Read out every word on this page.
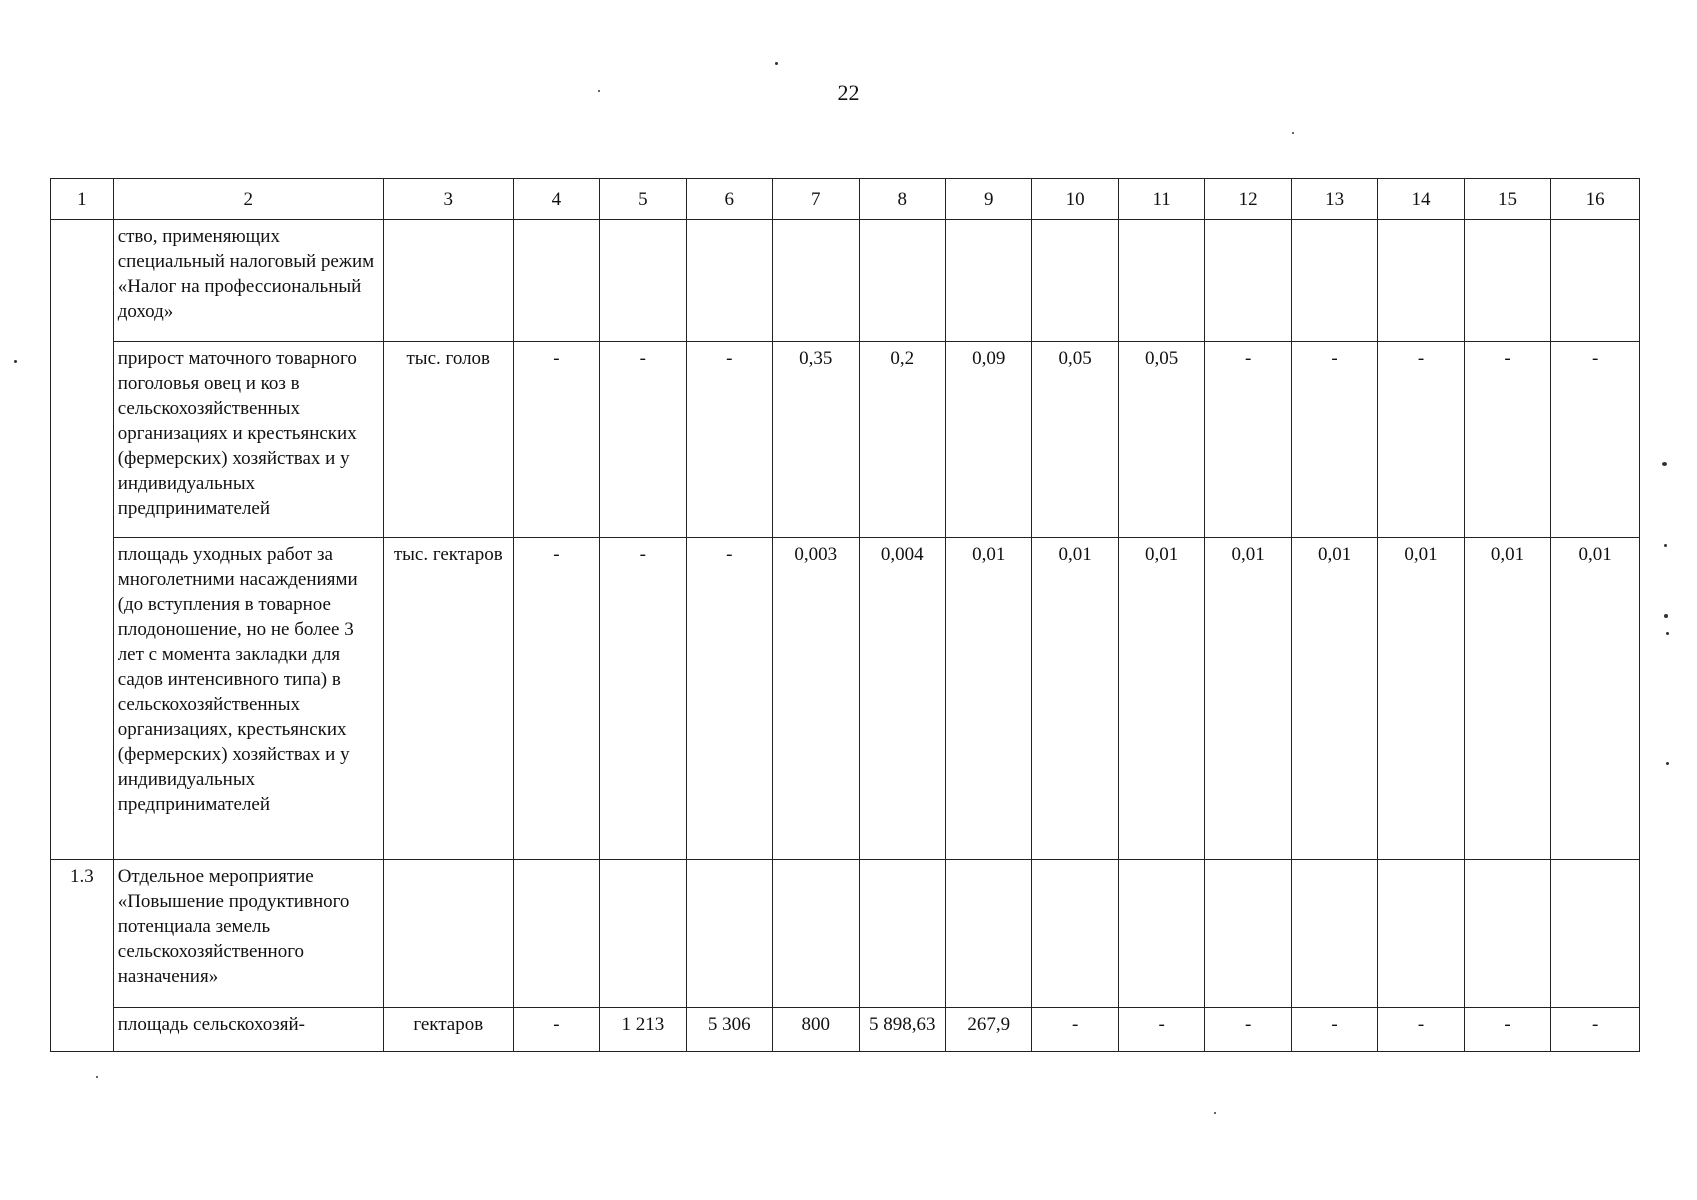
22
1	2	3	4	5	6	7	8	9	10	11	12	13	14	15	16
	ство, применяющих специальный налоговый режим «Налог на профессиональный доход»														
	прирост маточного товарного поголовья овец и коз в сельскохозяйственных организациях и крестьянских (фермерских) хозяйствах и у индивидуальных предпринимателей	тыс. голов	-	-	-	0,35	0,2	0,09	0,05	0,05	-	-	-	-	-
	площадь уходных работ за многолетними насаждениями (до вступления в товарное плодоношение, но не более 3 лет с момента закладки для садов интенсивного типа) в сельскохозяйственных организациях, крестьянских (фермерских) хозяйствах и у индивидуальных предпринимателей	тыс. гектаров	-	-	-	0,003	0,004	0,01	0,01	0,01	0,01	0,01	0,01	0,01	0,01
1.3	Отдельное мероприятие «Повышение продуктивного потенциала земель сельскохозяйственного назначения»														
	площадь сельскохозяй-	гектаров	-	1 213	5 306	800	5 898,63	267,9	-	-	-	-	-	-	-
